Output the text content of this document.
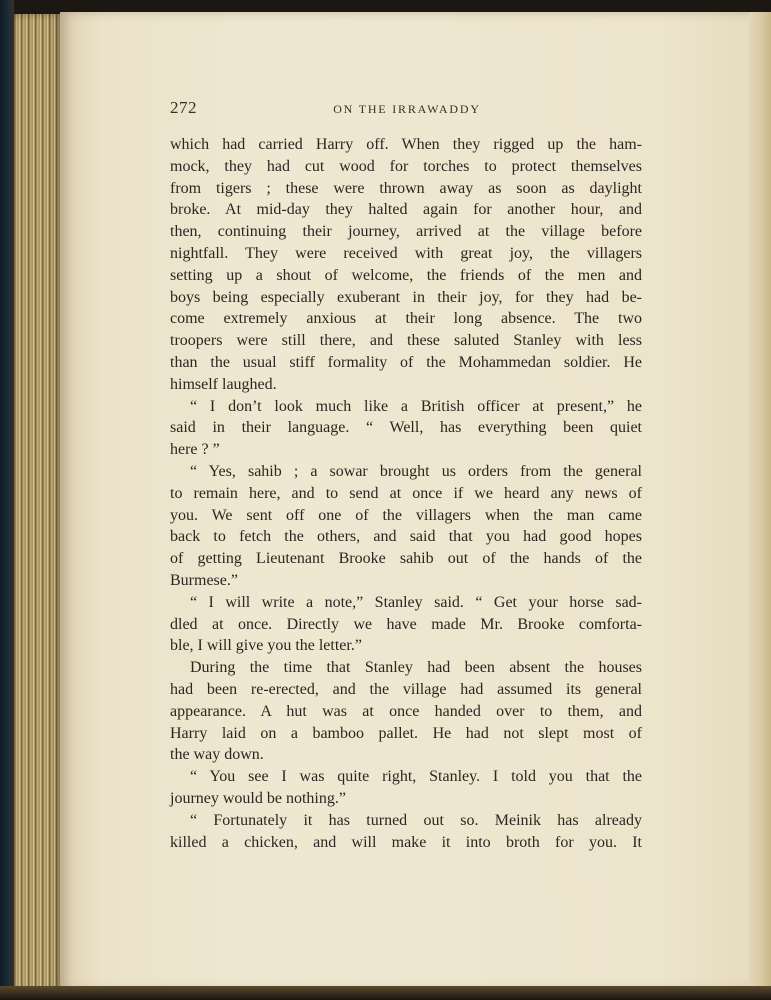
272	ON THE IRRAWADDY
which had carried Harry off. When they rigged up the ham-
mock, they had cut wood for torches to protect themselves
from tigers ; these were thrown away as soon as daylight
broke. At mid-day they halted again for another hour, and
then, continuing their journey, arrived at the village before
nightfall. They were received with great joy, the villagers
setting up a shout of welcome, the friends of the men and
boys being especially exuberant in their joy, for they had be-
come extremely anxious at their long absence. The two
troopers were still there, and these saluted Stanley with less
than the usual stiff formality of the Mohammedan soldier. He
himself laughed.
“ I don’t look much like a British officer at present,” he
said in their language. “ Well, has everything been quiet
here ? ”
“ Yes, sahib ; a sowar brought us orders from the general
to remain here, and to send at once if we heard any news of
you. We sent off one of the villagers when the man came
back to fetch the others, and said that you had good hopes
of getting Lieutenant Brooke sahib out of the hands of the
Burmese.”
“ I will write a note,” Stanley said. “ Get your horse sad-
dled at once. Directly we have made Mr. Brooke comforta-
ble, I will give you the letter.”
During the time that Stanley had been absent the houses
had been re-erected, and the village had assumed its general
appearance. A hut was at once handed over to them, and
Harry laid on a bamboo pallet. He had not slept most of
the way down.
“ You see I was quite right, Stanley. I told you that the
journey would be nothing.”
“ Fortunately it has turned out so. Meinik has already
killed a chicken, and will make it into broth for you. It
